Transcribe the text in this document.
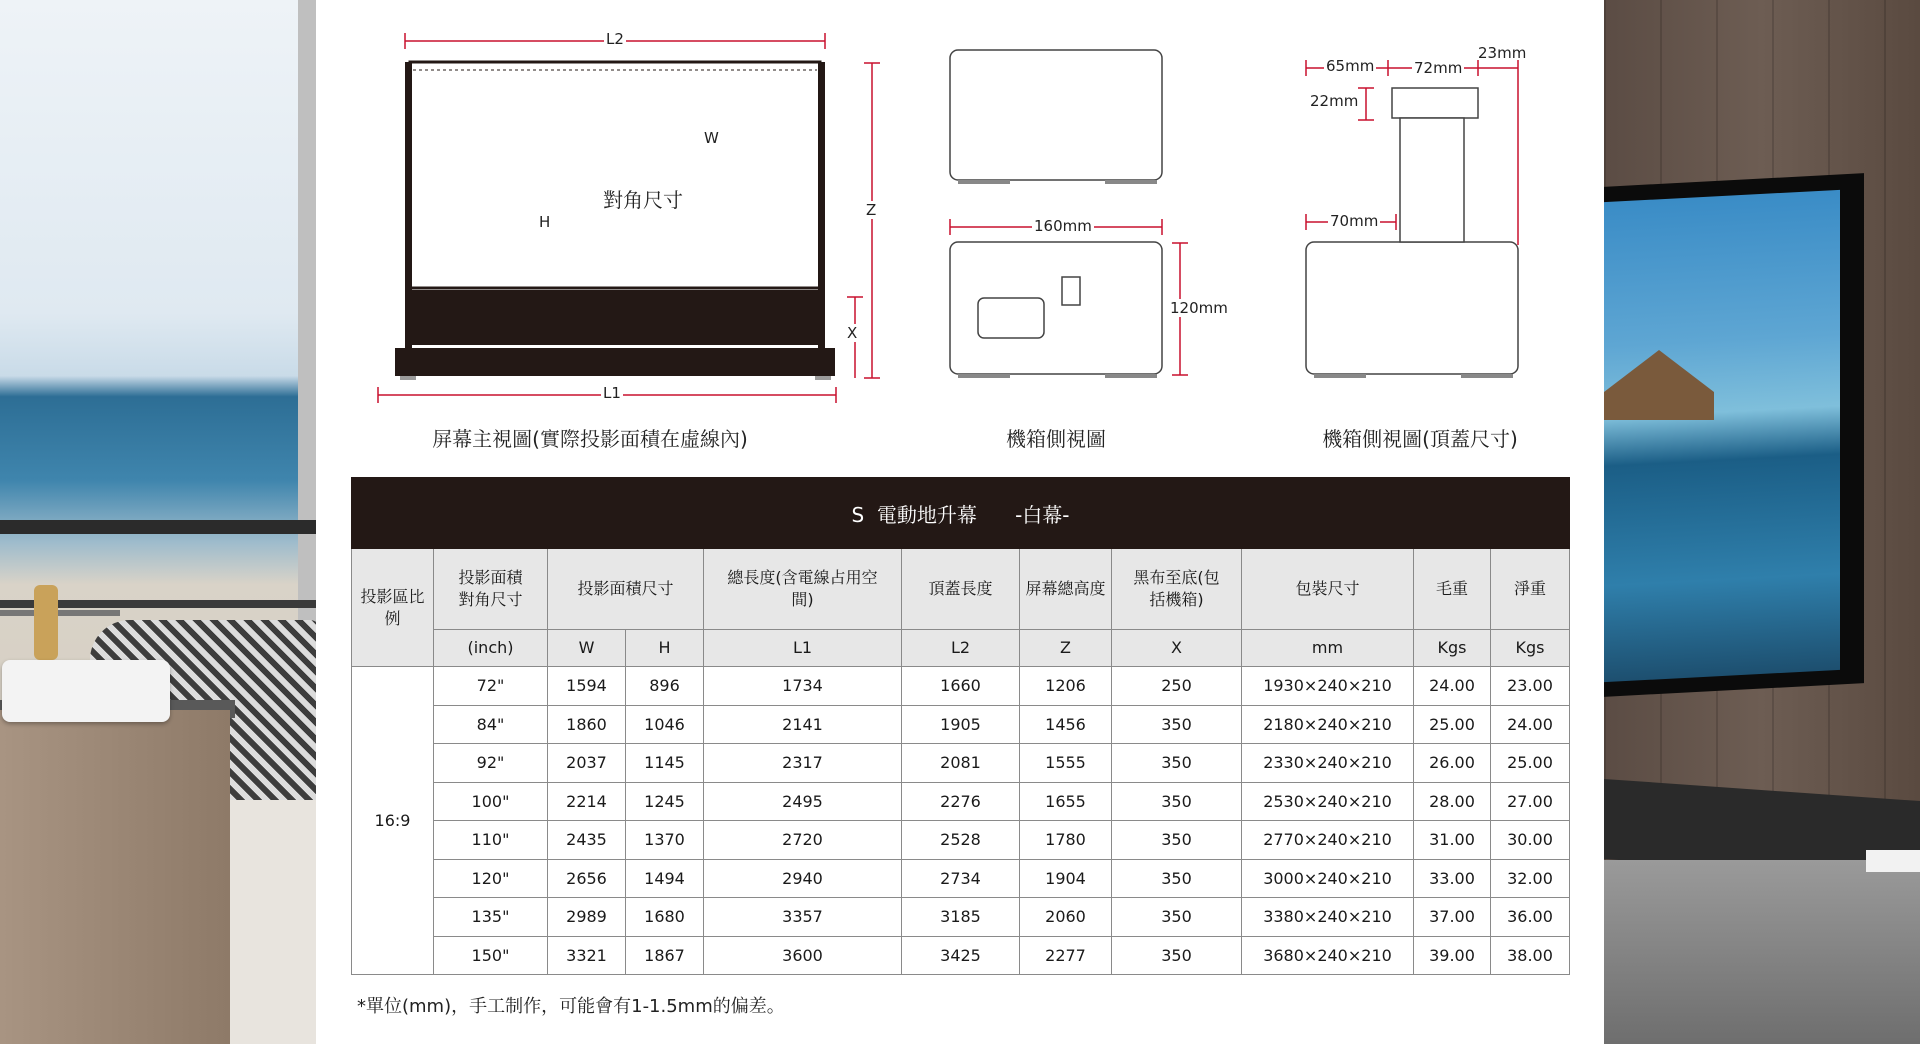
L2
W
對角尺寸
H
Z
X
L1
160mm
120mm
65mm	72mm
23mm
22mm
70mm
屏幕主視圖(實際投影面積在虛線內)	機箱側視圖	機箱側視圖(頂蓋尺寸)
S  電動地升幕      -白幕-										
投影區比例	投影面積對角尺寸	投影面積尺寸		總長度(含電線占用空間)	頂蓋長度	屏幕總高度	黑布至底(包括機箱)	包裝尺寸	毛重	淨重
	(inch)	W	H	L1	L2	Z	X	mm	Kgs	Kgs
16:9	72"	1594	896	1734	1660	1206	250	1930×240×210	24.00	23.00
	84"	1860	1046	2141	1905	1456	350	2180×240×210	25.00	24.00
	92"	2037	1145	2317	2081	1555	350	2330×240×210	26.00	25.00
	100"	2214	1245	2495	2276	1655	350	2530×240×210	28.00	27.00
	110"	2435	1370	2720	2528	1780	350	2770×240×210	31.00	30.00
	120"	2656	1494	2940	2734	1904	350	3000×240×210	33.00	32.00
	135"	2989	1680	3357	3185	2060	350	3380×240×210	37.00	36.00
	150"	3321	1867	3600	3425	2277	350	3680×240×210	39.00	38.00
*單位(mm)，手工制作，可能會有1-1.5mm的偏差。
